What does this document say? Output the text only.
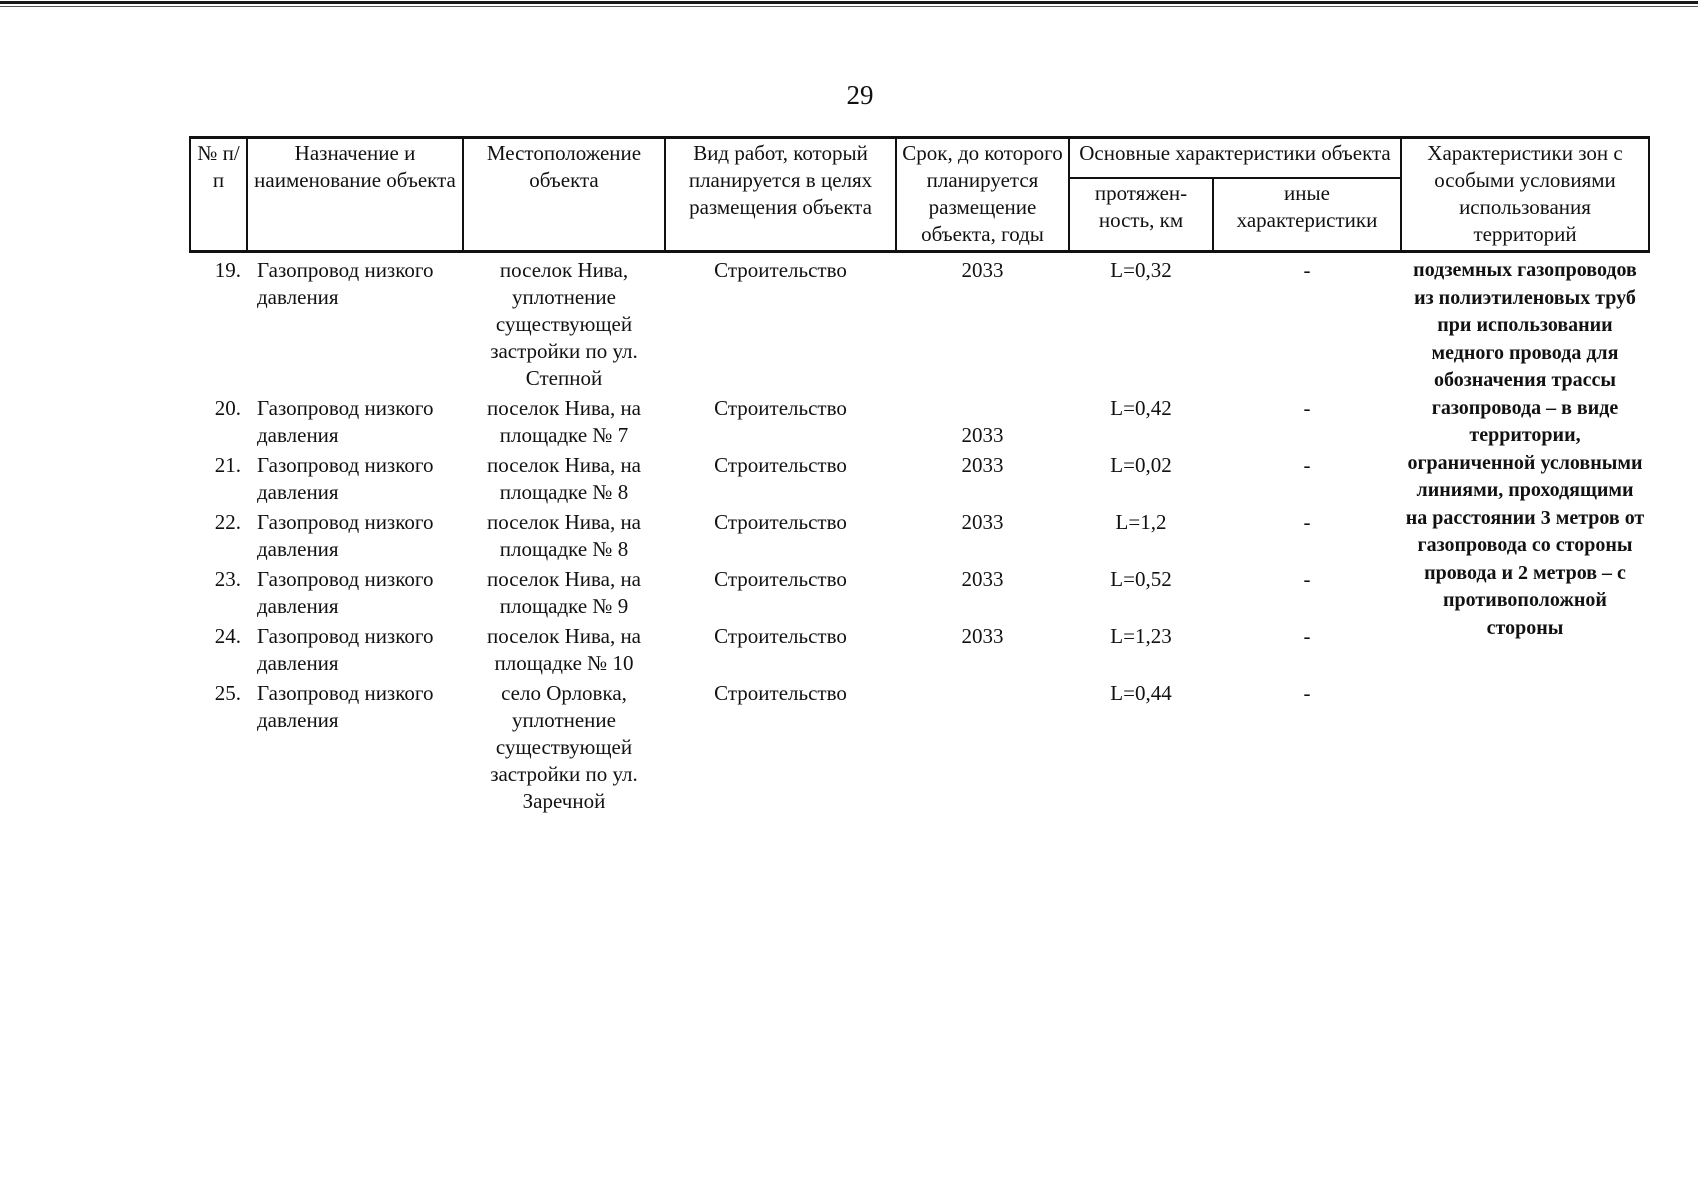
29
№ п/п	Назначение и наименование объекта	Местоположение объекта	Вид работ, который планируется в целях размещения объекта	Срок, до которого планируется размещение объекта, годы	Основные характеристики объекта		Характеристики зон с особыми условиями использования территорий
					протяжен-ность, км	иные характеристики	
19.	Газопровод низкого давления	поселок Нива, уплотнение существующей застройки по ул. Степной	Строительство	2033	L=0,32	-	подземных газопроводов из полиэтиленовых труб при использовании медного провода для обозначения трассы газопровода – в виде территории, ограниченной условными линиями, проходящими на расстоянии 3 метров от газопровода со стороны провода и 2 метров – с противоположной стороны
20.	Газопровод низкого давления	поселок Нива, на площадке № 7	Строительство	2033	L=0,42	-	
21.	Газопровод низкого давления	поселок Нива, на площадке № 8	Строительство	2033	L=0,02	-	
22.	Газопровод низкого давления	поселок Нива, на площадке № 8	Строительство	2033	L=1,2	-	
23.	Газопровод низкого давления	поселок Нива, на площадке № 9	Строительство	2033	L=0,52	-	
24.	Газопровод низкого давления	поселок Нива, на площадке № 10	Строительство	2033	L=1,23	-	
25.	Газопровод низкого давления	село Орловка, уплотнение существующей застройки по ул. Заречной	Строительство		L=0,44	-	
